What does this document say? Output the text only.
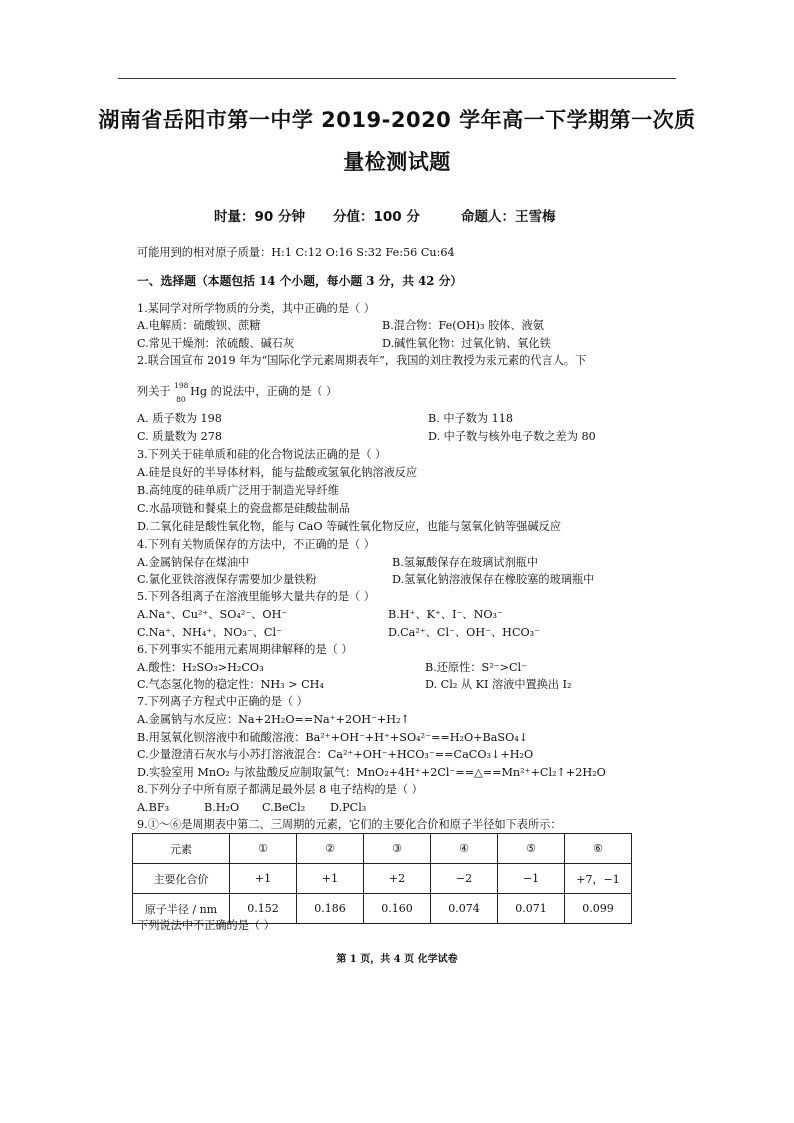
湖南省岳阳市第一中学 2019-2020 学年高一下学期第一次质
量检测试题
时量：90 分钟 分值：100 分	命题人：王雪梅
可能用到的相对原子质量：H:1 C:12 O:16 S:32 Fe:56 Cu:64
一、选择题（本题包括 14 个小题，每小题 3 分，共 42 分）
1.某同学对所学物质的分类，其中正确的是（ ）
A.电解质：硫酸钡、蔗糖	B.混合物：Fe(OH)₃ 胶体、液氨
C.常见干燥剂：浓硫酸、碱石灰	D.碱性氧化物：过氧化钠、氧化铁
2.联合国宣布 2019 年为“国际化学元素周期表年”，我国的刘庄教授为汞元素的代言人。下
列关于 198
80
Hg 的说法中，正确的是（ ）
A. 质子数为 198	B. 中子数为 118
C. 质量数为 278	D. 中子数与核外电子数之差为 80
3.下列关于硅单质和硅的化合物说法正确的是（ ）
A.硅是良好的半导体材料，能与盐酸或氢氧化钠溶液反应
B.高纯度的硅单质广泛用于制造光导纤维
C.水晶项链和餐桌上的瓷盘都是硅酸盐制品
D.二氧化硅是酸性氧化物，能与 CaO 等碱性氧化物反应，也能与氢氧化钠等强碱反应
4.下列有关物质保存的方法中，不正确的是（ ）
A.金属钠保存在煤油中	B.氢氟酸保存在玻璃试剂瓶中
C.氯化亚铁溶液保存需要加少量铁粉	D.氢氧化钠溶液保存在橡胶塞的玻璃瓶中
5.下列各组离子在溶液里能够大量共存的是（ ）
A.Na⁺、Cu²⁺、SO₄²⁻、OH⁻	B.H⁺、K⁺、I⁻、NO₃⁻
C.Na⁺、NH₄⁺、NO₃⁻、Cl⁻	D.Ca²⁺、Cl⁻、OH⁻、HCO₃⁻
6.下列事实不能用元素周期律解释的是（ ）
A.酸性：H₂SO₃>H₂CO₃	B.还原性：S²⁻>Cl⁻
C.气态氢化物的稳定性：NH₃ > CH₄	D. Cl₂ 从 KI 溶液中置换出 I₂
7.下列离子方程式中正确的是（ ）
A.金属钠与水反应：Na+2H₂O==Na⁺+2OH⁻+H₂↑
B.用氢氧化钡溶液中和硫酸溶液：Ba²⁺+OH⁻+H⁺+SO₄²⁻==H₂O+BaSO₄↓
C.少量澄清石灰水与小苏打溶液混合：Ca²⁺+OH⁻+HCO₃⁻==CaCO₃↓+H₂O
D.实验室用 MnO₂ 与浓盐酸反应制取氯气：MnO₂+4H⁺+2Cl⁻==△==Mn²⁺+Cl₂↑+2H₂O
8.下列分子中所有原子都满足最外层 8 电子结构的是（ ）
A.BF₃	B.H₂O C.BeCl₂ D.PCl₃
9.①～⑥是周期表中第二、三周期的元素，它们的主要化合价和原子半径如下表所示：
元素	①	②	③	④	⑤	⑥
主要化合价	+1	+1	+2	−2	−1	+7，−1
原子半径 / nm	0.152	0.186	0.160	0.074	0.071	0.099
下列说法中不正确的是（ ）
第 1 页，共 4 页 化学试卷
